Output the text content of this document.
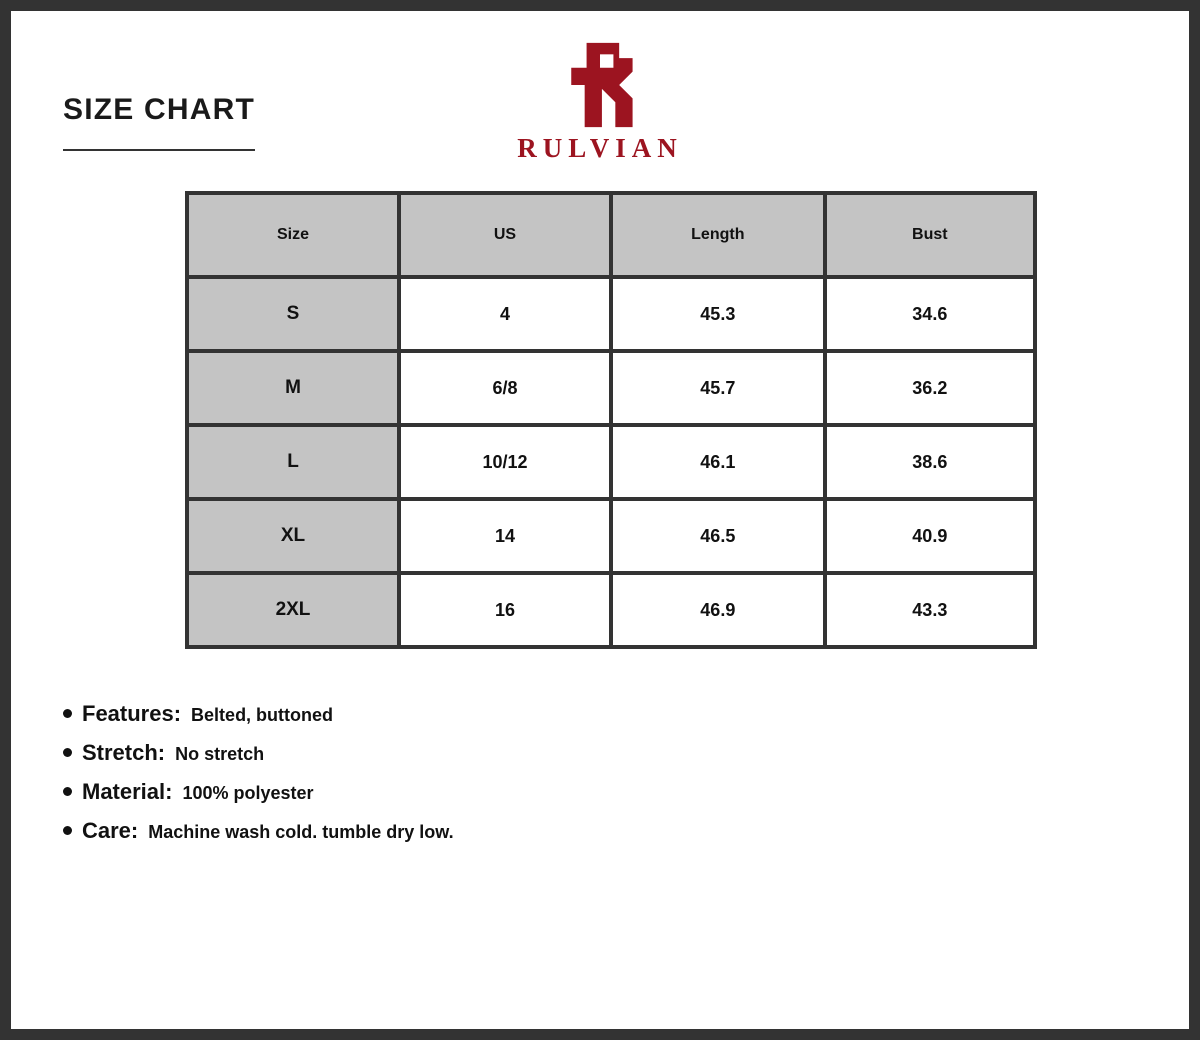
SIZE CHART
RULVIAN
Size	US	Length	Bust
S	4	45.3	34.6
M	6/8	45.7	36.2
L	10/12	46.1	38.6
XL	14	46.5	40.9
2XL	16	46.9	43.3
Features: Belted, buttoned
Stretch: No stretch
Material: 100% polyester
Care: Machine wash cold. tumble dry low.
